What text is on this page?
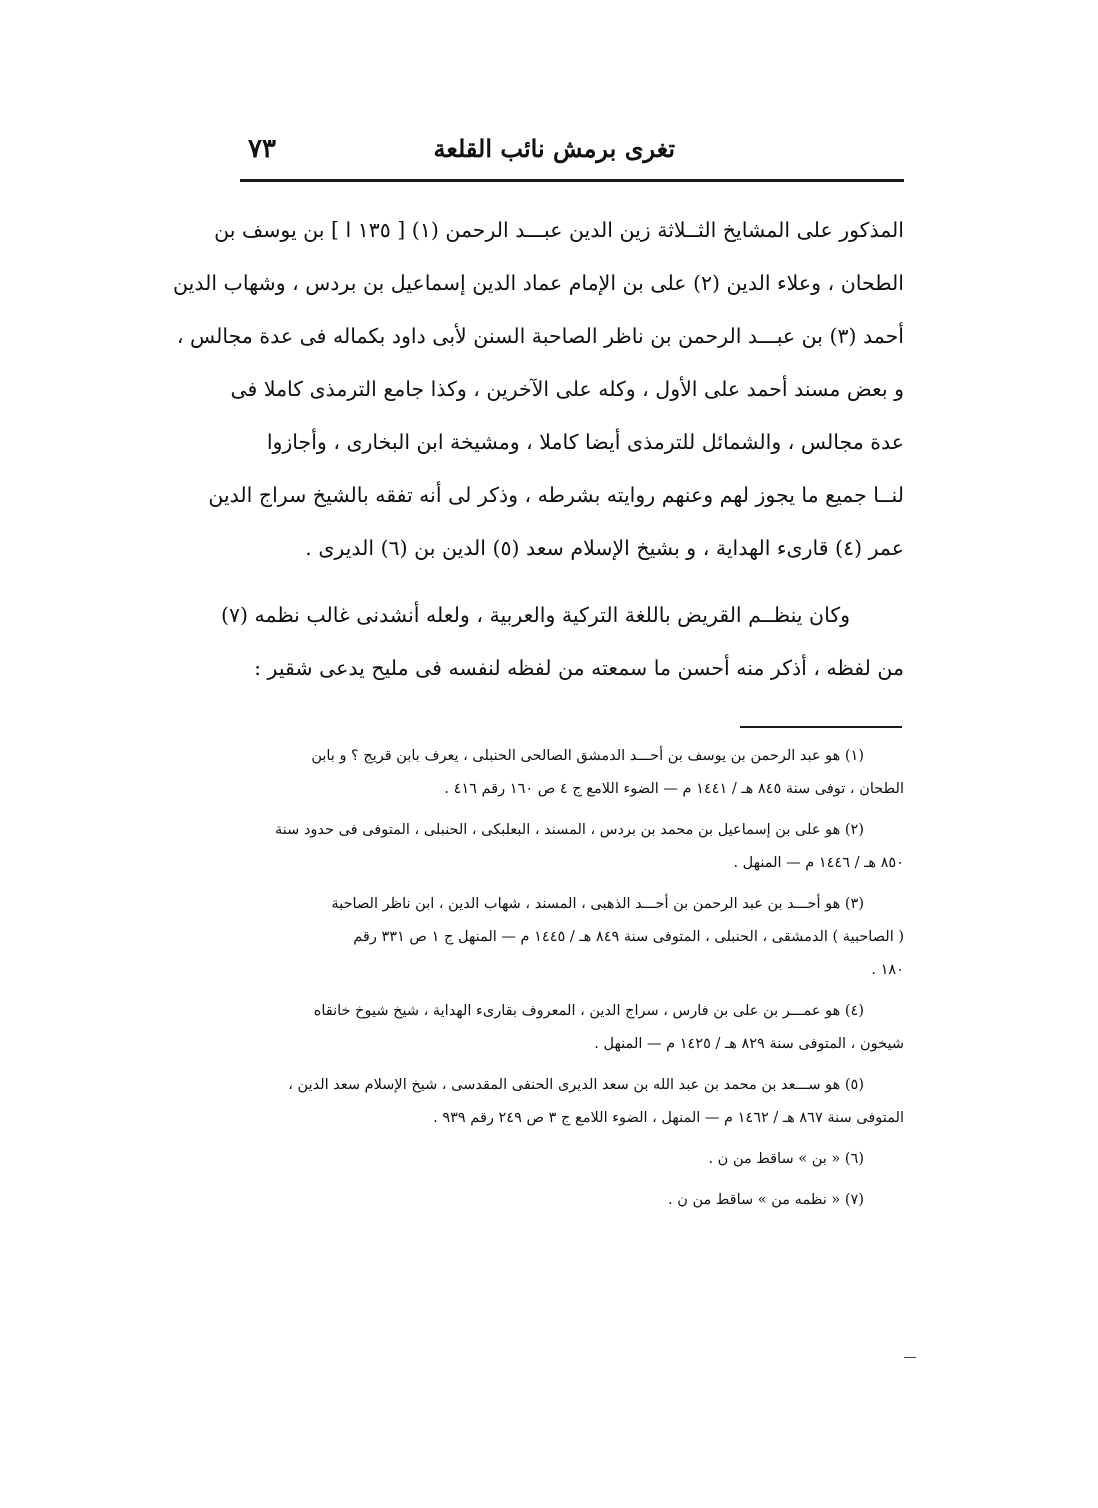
تغرى برمش نائب القلعة
٧٣
المذكور على المشايخ الثــلاثة زين الدين عبـــد الرحمن (١) [ ١٣٥ ا ] بن يوسف بن
الطحان ، وعلاء الدين (٢) على بن الإمام عماد الدين إسماعيل بن بردس ، وشهاب الدين
أحمد (٣) بن عبـــد الرحمن بن ناظر الصاحبة السنن لأبى داود بكماله فى عدة مجالس ،
و بعض مسند أحمد على الأول ، وكله على الآخرين ، وكذا جامع الترمذى كاملا فى
عدة مجالس ، والشمائل للترمذى أيضا كاملا ، ومشيخة ابن البخارى ، وأجازوا
لنــا جميع ما يجوز لهم وعنهم روايته بشرطه ، وذكر لى أنه تفقه بالشيخ سراج الدين
عمر (٤) قارىء الهداية ، و بشيخ الإسلام سعد (٥) الدين بن (٦) الديرى .
وكان ينظــم القريض باللغة التركية والعربية ، ولعله أنشدنى غالب نظمه (٧)
من لفظه ، أذكر منه أحسن ما سمعته من لفظه لنفسه فى مليح يدعى شقير :
(١) هو عبد الرحمن بن يوسف بن أحـــد الدمشق الصالحى الحنبلى ، يعرف بابن قريج ؟ و بابن
الطحان ، توفى سنة ٨٤٥ هـ / ١٤٤١ م — الضوء اللامع ج ٤ ص ١٦٠ رقم ٤١٦ .
(٢) هو على بن إسماعيل بن محمد بن بردس ، المسند ، البعلبكى ، الحنبلى ، المتوفى فى حدود سنة
٨٥٠ هـ / ١٤٤٦ م — المنهل .
(٣) هو أحـــد بن عبد الرحمن بن أحـــد الذهبى ، المسند ، شهاب الدين ، ابن ناظر الصاحبة
( الصاحبية ) الدمشقى ، الحنبلى ، المتوفى سنة ٨٤٩ هـ / ١٤٤٥ م — المنهل ج ١ ص ٣٣١ رقم
١٨٠ .
(٤) هو عمـــر بن على بن فارس ، سراج الدين ، المعروف بقارىء الهداية ، شيخ شيوخ خانقاه
شيخون ، المتوفى سنة ٨٢٩ هـ / ١٤٢٥ م — المنهل .
(٥) هو ســـعد بن محمد بن عبد الله بن سعد الديرى الحنفى المقدسى ، شيخ الإسلام سعد الدين ،
المتوفى سنة ٨٦٧ هـ / ١٤٦٢ م — المنهل ، الضوء اللامع ج ٣ ص ٢٤٩ رقم ٩٣٩ .
(٦) « بن » ساقط من ن .
(٧) « نظمه من » ساقط من ن .
